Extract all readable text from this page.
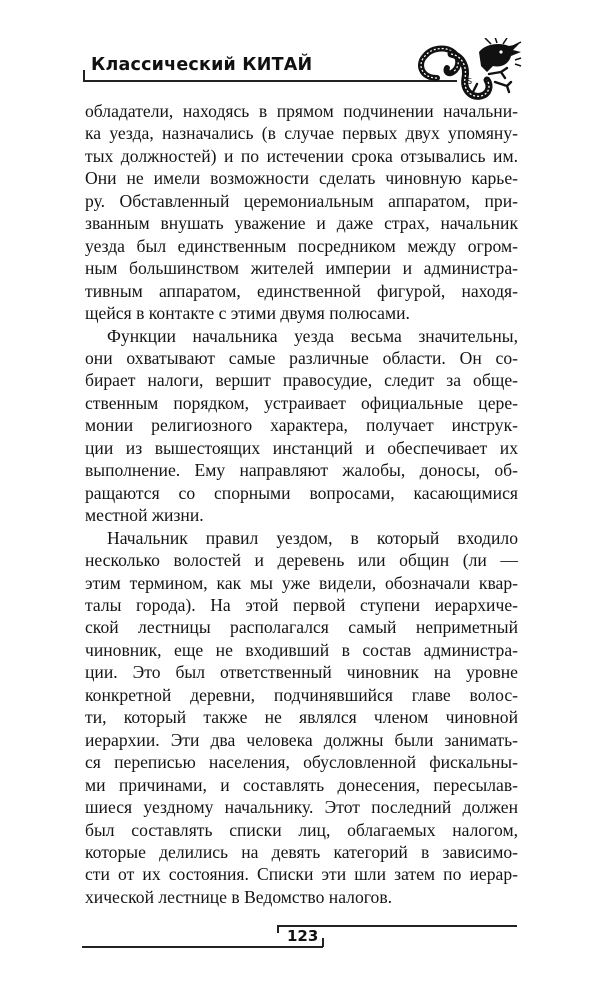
Классический КИТАЙ
S
обладатели, находясь в прямом подчинении начальни-
ка уезда, назначались (в случае первых двух упомяну-
тых должностей) и по истечении срока отзывались им.
Они не имели возможности сделать чиновную карье-
ру. Обставленный церемониальным аппаратом, при-
званным внушать уважение и даже страх, начальник
уезда был единственным посредником между огром-
ным большинством жителей империи и администра-
тивным аппаратом, единственной фигурой, находя-
щейся в контакте с этими двумя полюсами.
Функции начальника уезда весьма значительны,
они охватывают самые различные области. Он со-
бирает налоги, вершит правосудие, следит за обще-
ственным порядком, устраивает официальные цере-
монии религиозного характера, получает инструк-
ции из вышестоящих инстанций и обеспечивает их
выполнение. Ему направляют жалобы, доносы, об-
ращаются со спорными вопросами, касающимися
местной жизни.
Начальник правил уездом, в который входило
несколько волостей и деревень или общин (ли —
этим термином, как мы уже видели, обозначали квар-
талы города). На этой первой ступени иерархиче-
ской лестницы располагался самый неприметный
чиновник, еще не входивший в состав администра-
ции. Это был ответственный чиновник на уровне
конкретной деревни, подчинявшийся главе волос-
ти, который также не являлся членом чиновной
иерархии. Эти два человека должны были занимать-
ся переписью населения, обусловленной фискальны-
ми причинами, и составлять донесения, пересылав-
шиеся уездному начальнику. Этот последний должен
был составлять списки лиц, облагаемых налогом,
которые делились на девять категорий в зависимо-
сти от их состояния. Списки эти шли затем по иерар-
хической лестнице в Ведомство налогов.
123
